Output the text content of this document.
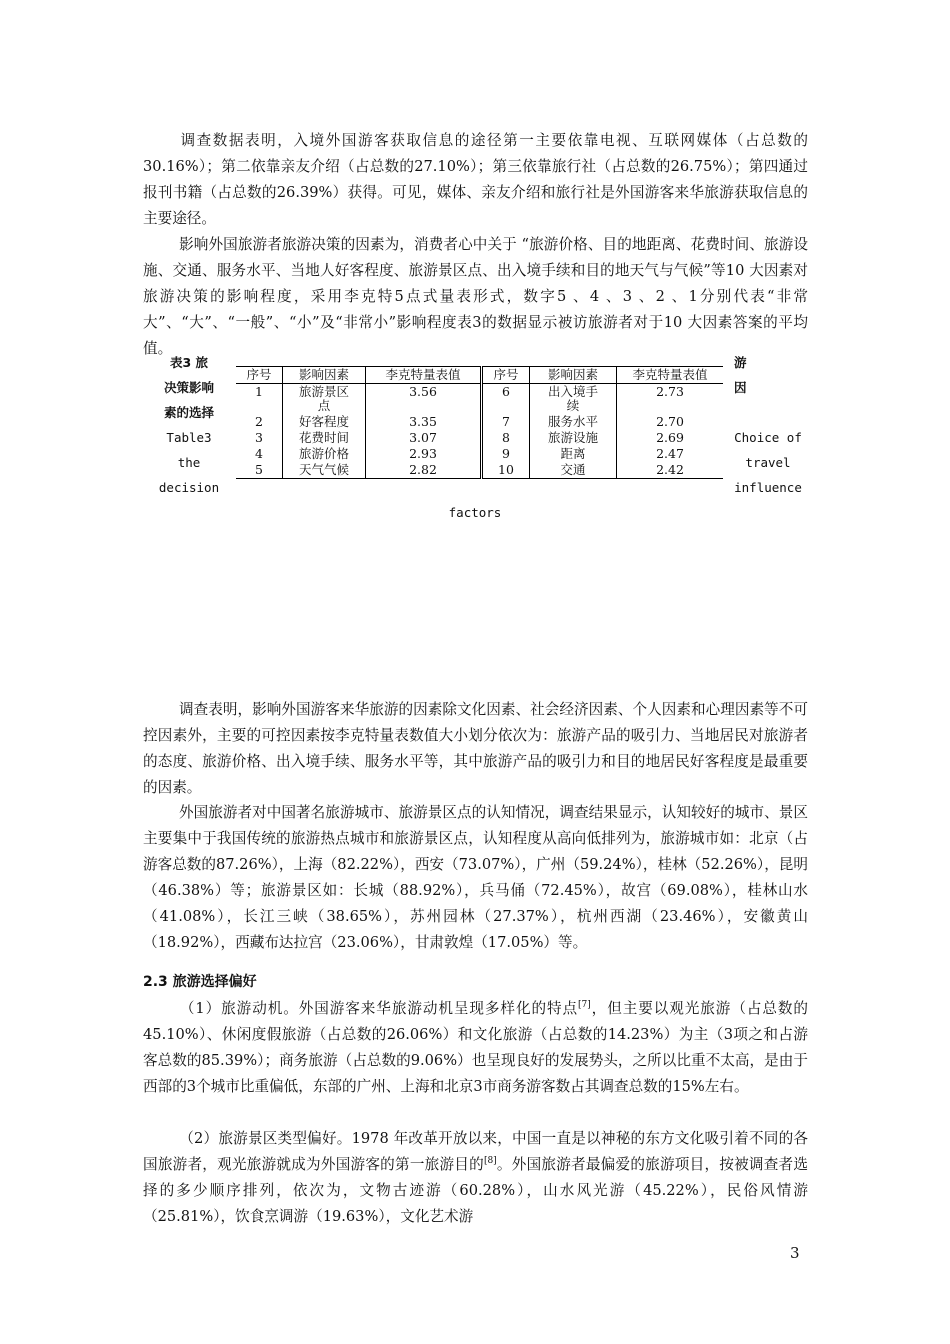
调查数据表明，入境外国游客获取信息的途径第一主要依靠电视、互联网媒体（占总数的30.16%）；第二依靠亲友介绍（占总数的27.10%）；第三依靠旅行社（占总数的26.75%）；第四通过报刊书籍（占总数的26.39%）获得。可见，媒体、亲友介绍和旅行社是外国游客来华旅游获取信息的主要途径。

影响外国旅游者旅游决策的因素为，消费者心中关于 “旅游价格、目的地距离、花费时间、旅游设施、交通、服务水平、当地人好客程度、旅游景区点、出入境手续和目的地天气与气候”等10 大因素对旅游决策的影响程度，采用李克特5点式量表形式，数字5 、4 、3 、2 、1分别代表“非常大”、“大”、“一般”、“小”及“非常小”影响程度表3的数据显示被访旅游者对于10 大因素答案的平均值。

表3 旅
决策影响
素的选择
Table3
the
decision
游
因

Choice of
travel
influence
factors
序号	影响因素	李克特量表值	序号	影响因素	李克特量表值
1	旅游景区点	3.56	6	出入境手续	2.73
2	好客程度	3.35	7	服务水平	2.70
3	花费时间	3.07	8	旅游设施	2.69
4	旅游价格	2.93	9	距离	2.47
5	天气气候	2.82	10	交通	2.42

调查表明，影响外国游客来华旅游的因素除文化因素、社会经济因素、个人因素和心理因素等不可控因素外，主要的可控因素按李克特量表数值大小划分依次为：旅游产品的吸引力、当地居民对旅游者的态度、旅游价格、出入境手续、服务水平等，其中旅游产品的吸引力和目的地居民好客程度是最重要的因素。

外国旅游者对中国著名旅游城市、旅游景区点的认知情况，调查结果显示，认知较好的城市、景区主要集中于我国传统的旅游热点城市和旅游景区点，认知程度从高向低排列为，旅游城市如：北京（占游客总数的87.26%），上海（82.22%），西安（73.07%），广州（59.24%），桂林（52.26%），昆明（46.38%）等；旅游景区如：长城（88.92%），兵马俑（72.45%），故宫（69.08%），桂林山水（41.08%），长江三峡（38.65%），苏州园林（27.37%），杭州西湖（23.46%），安徽黄山（18.92%），西藏布达拉宫（23.06%），甘肃敦煌（17.05%）等。

2.3 旅游选择偏好

（1）旅游动机。外国游客来华旅游动机呈现多样化的特点[7]，但主要以观光旅游（占总数的45.10%）、休闲度假旅游（占总数的26.06%）和文化旅游（占总数的14.23%）为主（3项之和占游客总数的85.39%）；商务旅游（占总数的9.06%）也呈现良好的发展势头，之所以比重不太高，是由于西部的3个城市比重偏低，东部的广州、上海和北京3市商务游客数占其调查总数的15%左右。

（2）旅游景区类型偏好。1978 年改革开放以来，中国一直是以神秘的东方文化吸引着不同的各国旅游者，观光旅游就成为外国游客的第一旅游目的[8]。外国旅游者最偏爱的旅游项目，按被调查者选择的多少顺序排列，依次为，文物古迹游（60.28%），山水风光游（45.22%），民俗风情游（25.81%），饮食烹调游（19.63%），文化艺术游

3
